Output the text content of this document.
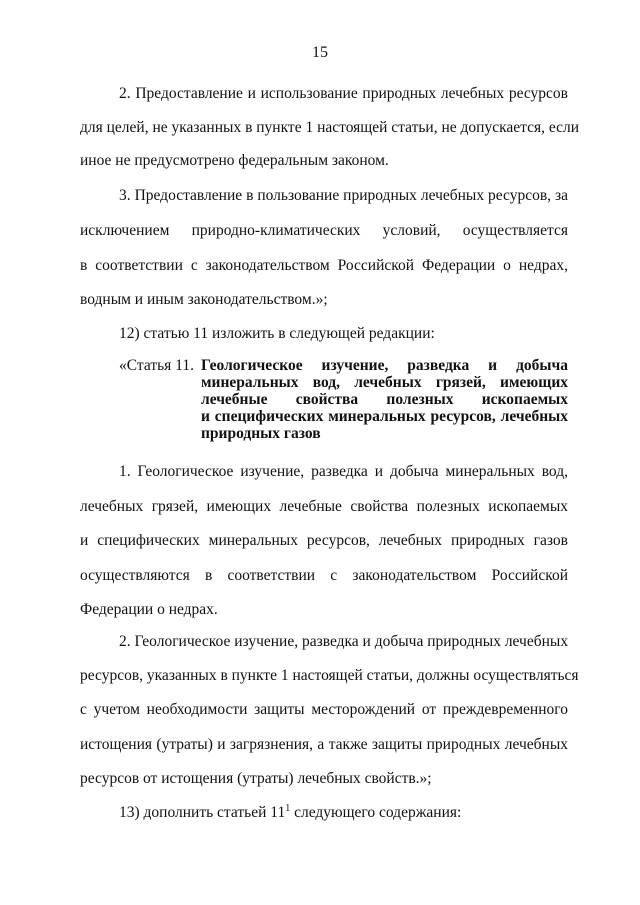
15
2. Предоставление и использование природных лечебных ресурсов
для целей, не указанных в пункте 1 настоящей статьи, не допускается, если
иное не предусмотрено федеральным законом.
3. Предоставление в пользование природных лечебных ресурсов, за
исключением природно-климатических условий, осуществляется
в соответствии с законодательством Российской Федерации о недрах,
водным и иным законодательством.»;
12) статью 11 изложить в следующей редакции:
«Статья 11. Геологическое изучение, разведка и добыча
минеральных вод, лечебных грязей, имеющих
лечебные свойства полезных ископаемых
и специфических минеральных ресурсов, лечебных
природных газов
1. Геологическое изучение, разведка и добыча минеральных вод,
лечебных грязей, имеющих лечебные свойства полезных ископаемых
и специфических минеральных ресурсов, лечебных природных газов
осуществляются в соответствии с законодательством Российской
Федерации о недрах.
2. Геологическое изучение, разведка и добыча природных лечебных
ресурсов, указанных в пункте 1 настоящей статьи, должны осуществляться
с учетом необходимости защиты месторождений от преждевременного
истощения (утраты) и загрязнения, а также защиты природных лечебных
ресурсов от истощения (утраты) лечебных свойств.»;
13) дополнить статьей $11^1$ следующего содержания:
